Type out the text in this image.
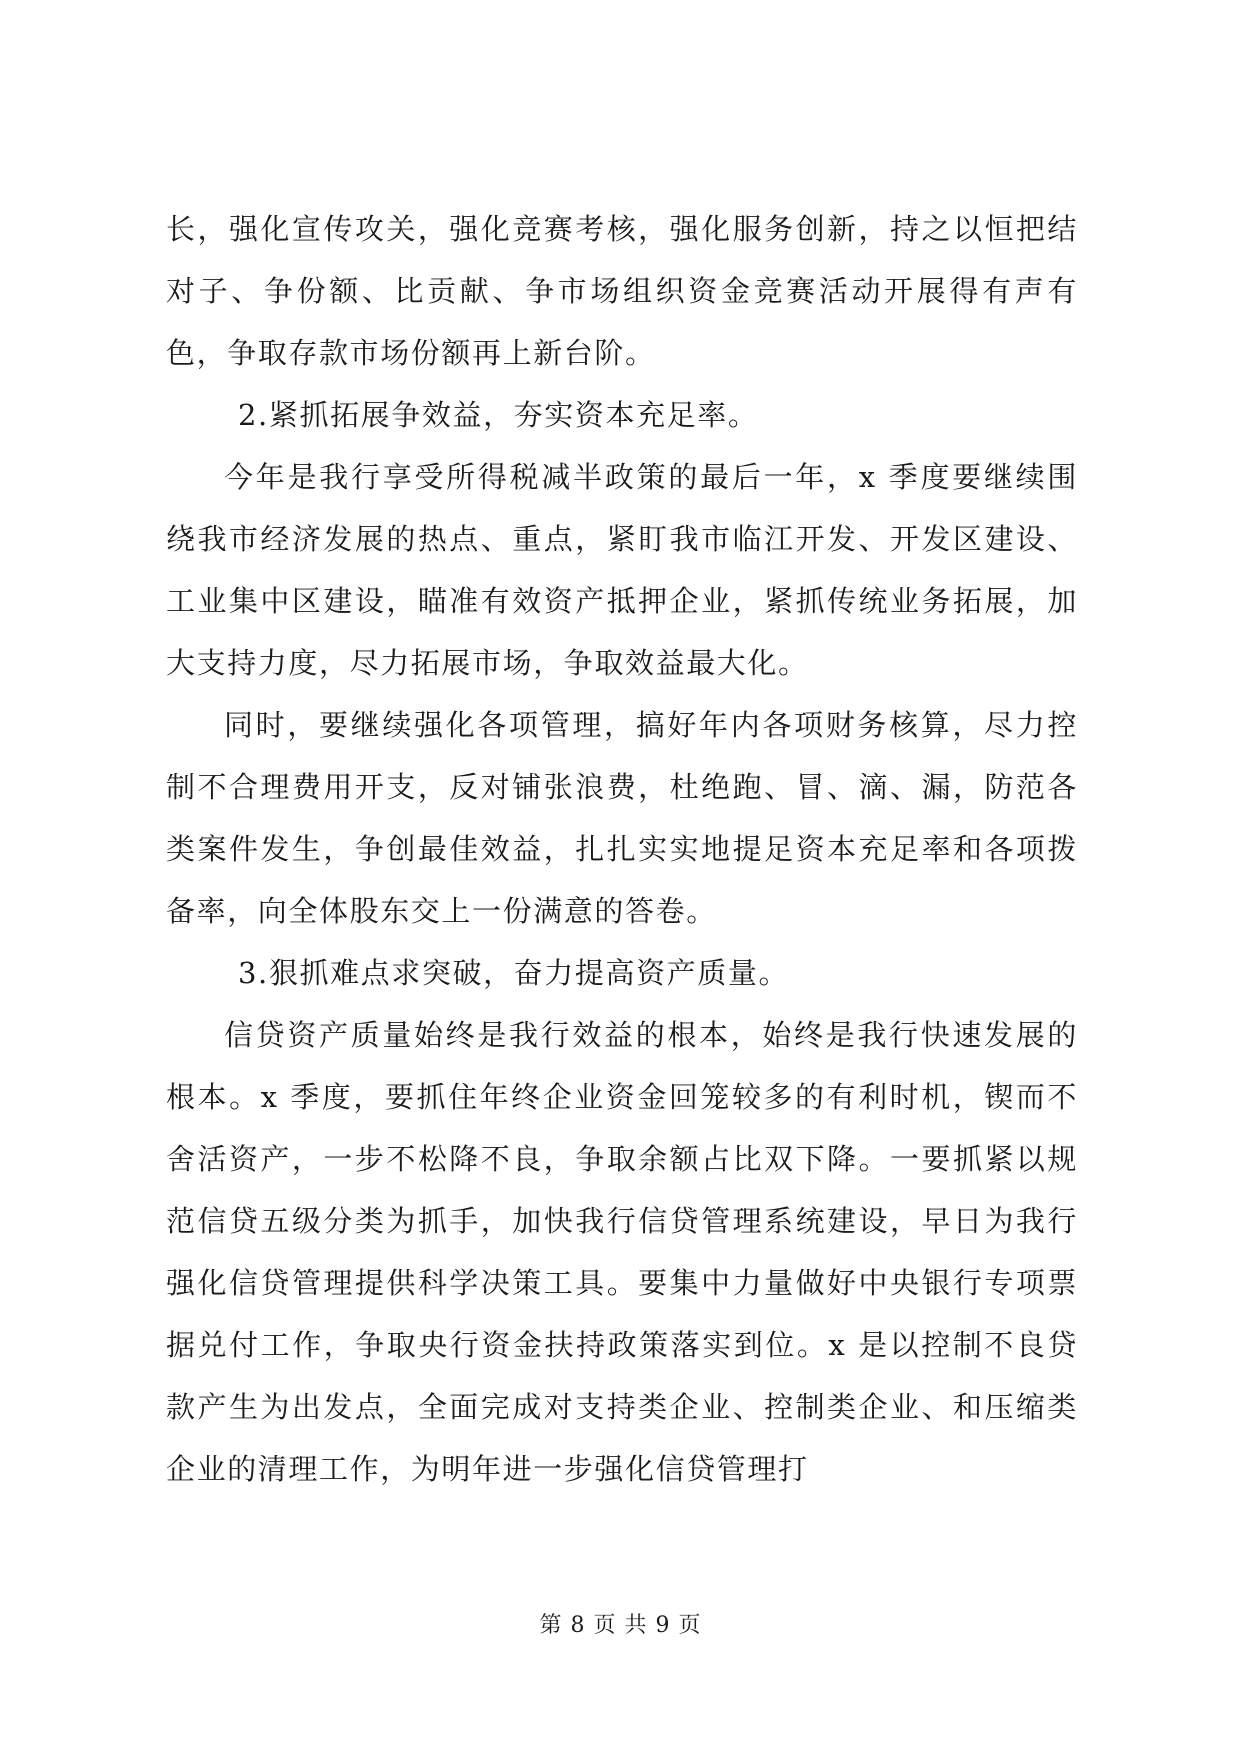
长，强化宣传攻关，强化竞赛考核，强化服务创新，持之以恒把结对子、争份额、比贡献、争市场组织资金竞赛活动开展得有声有色，争取存款市场份额再上新台阶。

2.紧抓拓展争效益，夯实资本充足率。

今年是我行享受所得税减半政策的最后一年，x 季度要继续围绕我市经济发展的热点、重点，紧盯我市临江开发、开发区建设、工业集中区建设，瞄准有效资产抵押企业，紧抓传统业务拓展，加大支持力度，尽力拓展市场，争取效益最大化。

同时，要继续强化各项管理，搞好年内各项财务核算，尽力控制不合理费用开支，反对铺张浪费，杜绝跑、冒、滴、漏，防范各类案件发生，争创最佳效益，扎扎实实地提足资本充足率和各项拨备率，向全体股东交上一份满意的答卷。

3.狠抓难点求突破，奋力提高资产质量。

信贷资产质量始终是我行效益的根本，始终是我行快速发展的根本。x 季度，要抓住年终企业资金回笼较多的有利时机，锲而不舍活资产，一步不松降不良，争取余额占比双下降。一要抓紧以规范信贷五级分类为抓手，加快我行信贷管理系统建设，早日为我行强化信贷管理提供科学决策工具。要集中力量做好中央银行专项票据兑付工作，争取央行资金扶持政策落实到位。x 是以控制不良贷款产生为出发点，全面完成对支持类企业、控制类企业、和压缩类企业的清理工作，为明年进一步强化信贷管理打

第 8 页 共 9 页
